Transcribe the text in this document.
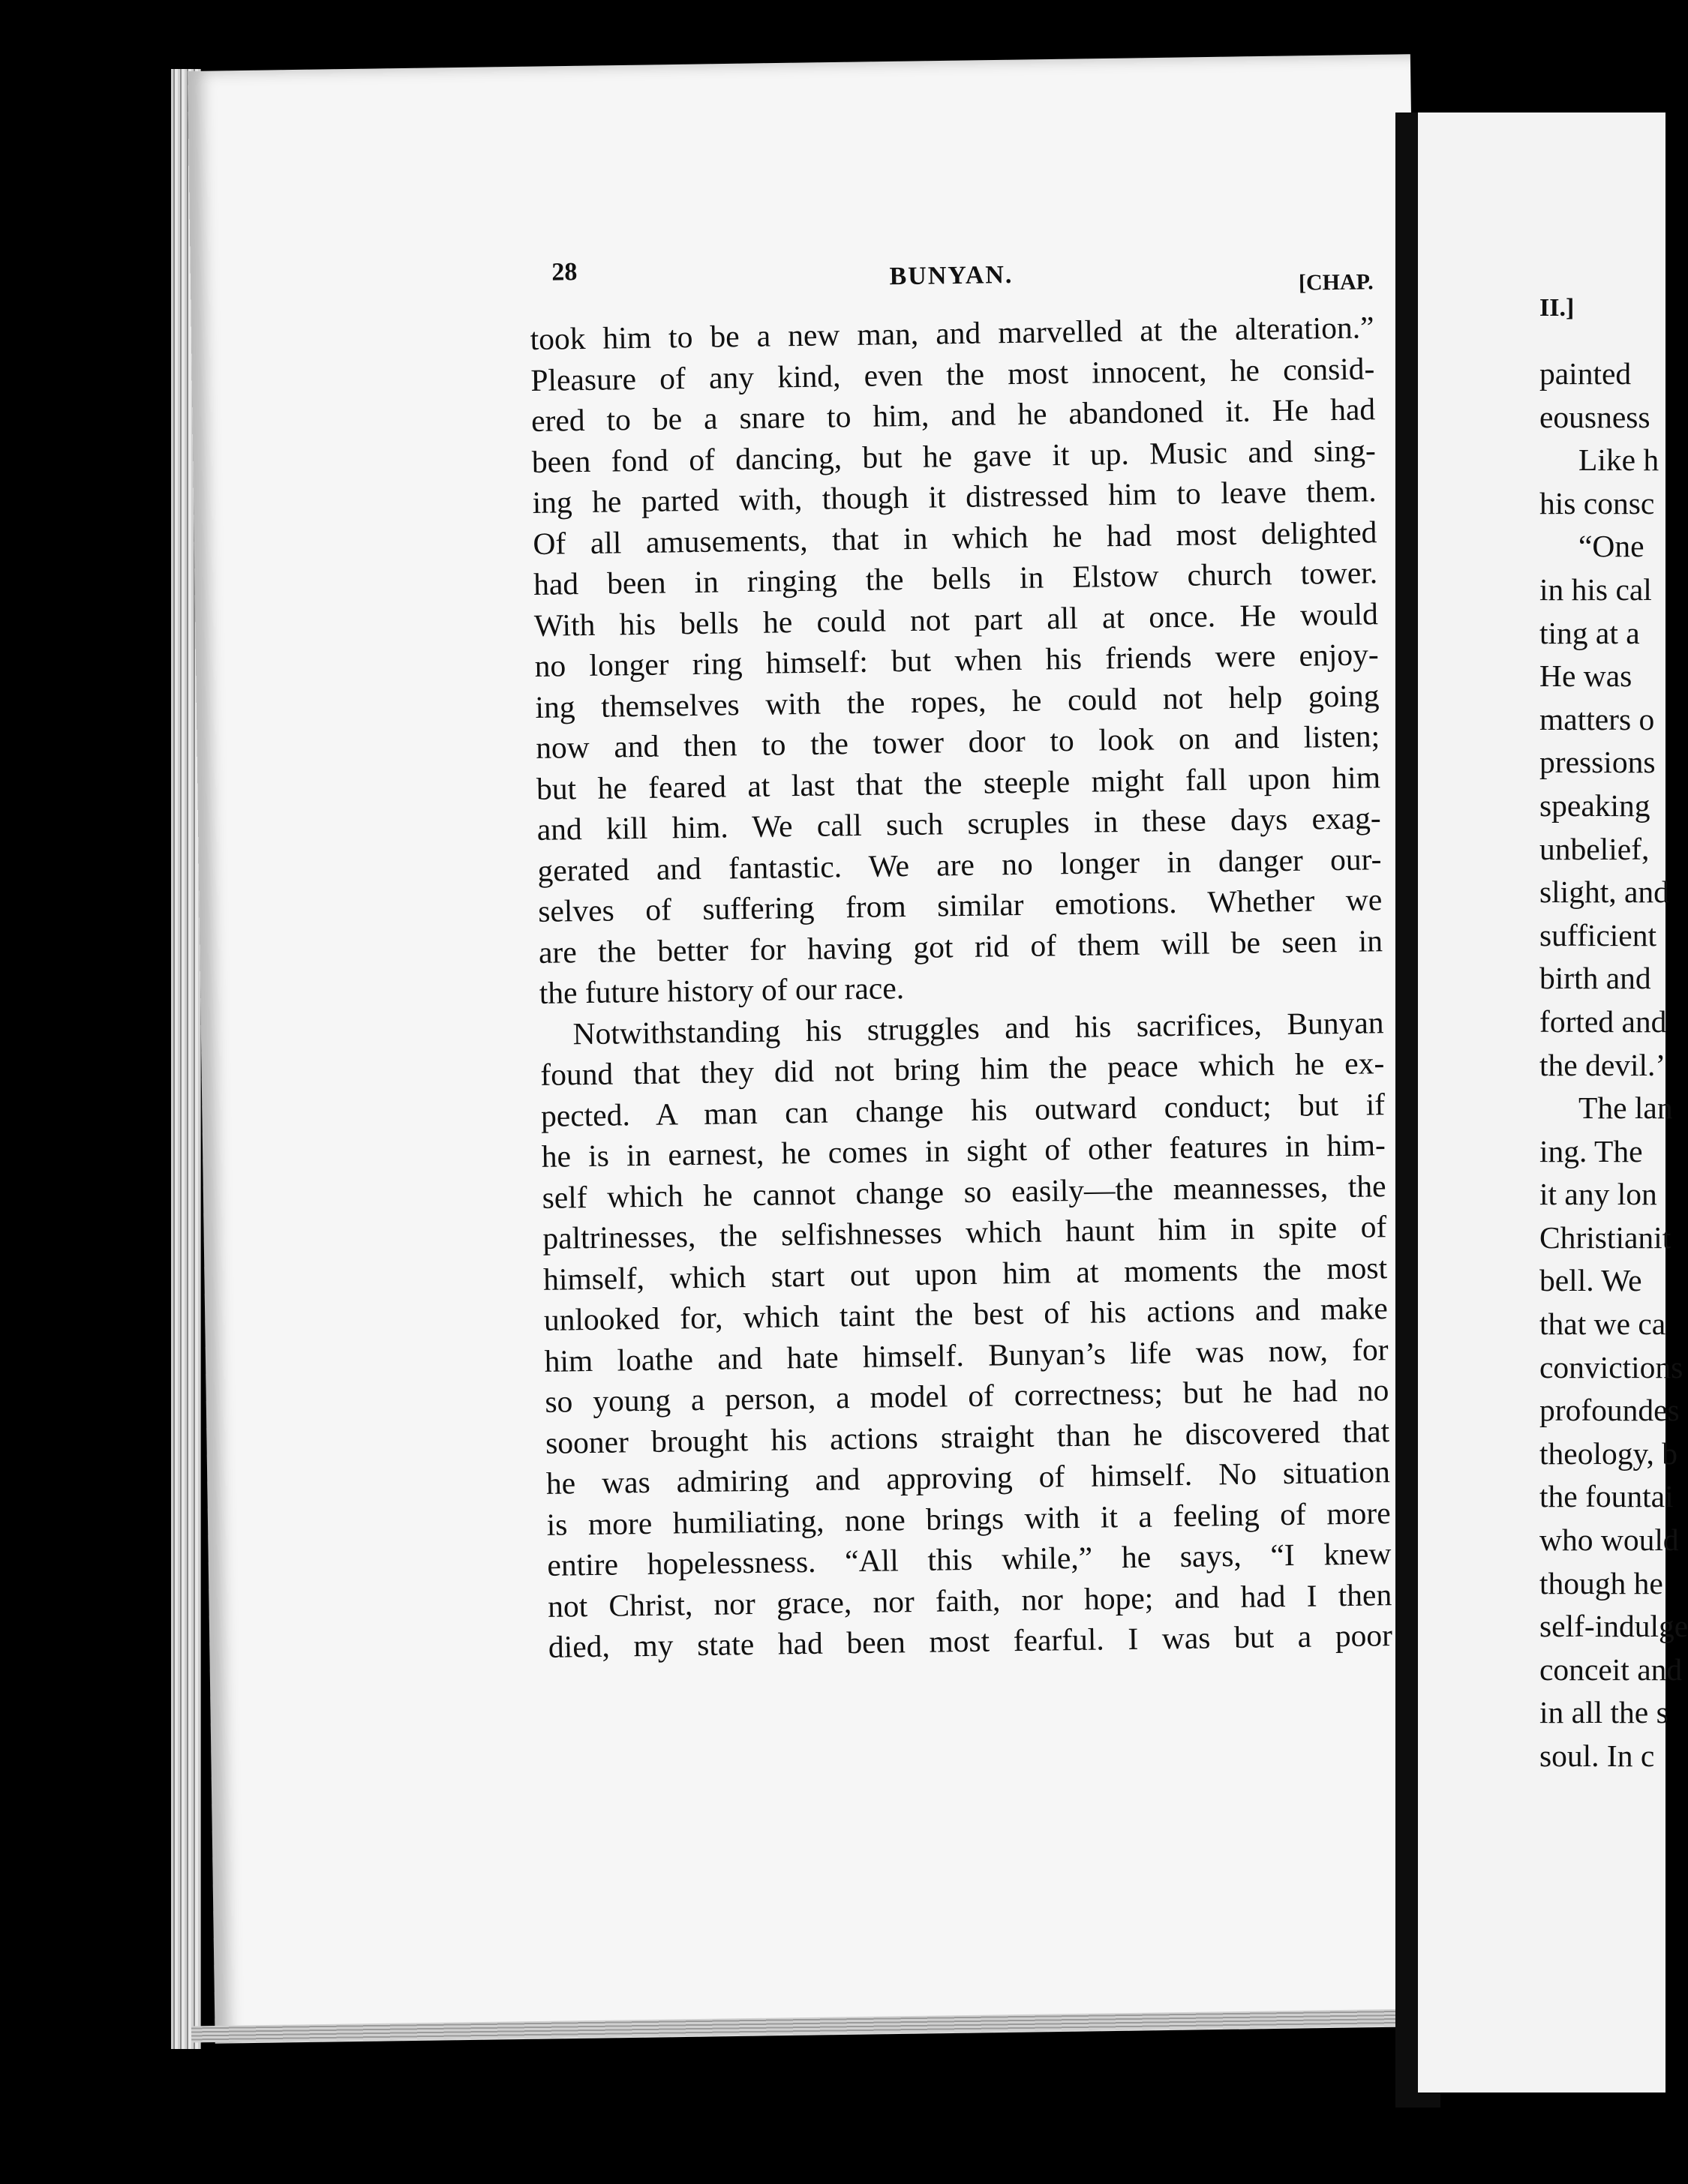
28	BUNYAN.	[CHAP.
took him to be a new man, and marvelled at the alteration.”
Pleasure of any kind, even the most innocent, he consid-
ered to be a snare to him, and he abandoned it. He had
been fond of dancing, but he gave it up. Music and sing-
ing he parted with, though it distressed him to leave them.
Of all amusements, that in which he had most delighted
had been in ringing the bells in Elstow church tower.
With his bells he could not part all at once. He would
no longer ring himself: but when his friends were enjoy-
ing themselves with the ropes, he could not help going
now and then to the tower door to look on and listen;
but he feared at last that the steeple might fall upon him
and kill him. We call such scruples in these days exag-
gerated and fantastic. We are no longer in danger our-
selves of suffering from similar emotions. Whether we
are the better for having got rid of them will be seen in
the future history of our race.
Notwithstanding his struggles and his sacrifices, Bunyan
found that they did not bring him the peace which he ex-
pected. A man can change his outward conduct; but if
he is in earnest, he comes in sight of other features in him-
self which he cannot change so easily—the meannesses, the
paltrinesses, the selfishnesses which haunt him in spite of
himself, which start out upon him at moments the most
unlooked for, which taint the best of his actions and make
him loathe and hate himself. Bunyan’s life was now, for
so young a person, a model of correctness; but he had no
sooner brought his actions straight than he discovered that
he was admiring and approving of himself. No situation
is more humiliating, none brings with it a feeling of more
entire hopelessness. “All this while,” he says, “I knew
not Christ, nor grace, nor faith, nor hope; and had I then
died, my state had been most fearful. I was but a poor
II.]
painted
eousness
Like h
his consc
“One
in his cal
ting at a
He was
matters o
pressions
speaking
unbelief,
slight, and
sufficient
birth and
forted and
the devil.’
The lan
ing. The
it any lon
Christianit
bell. We
that we ca
convictions
profoundes
theology, b
the fountai
who would
though he
self-indulge
conceit and
in all the s
soul. In c
